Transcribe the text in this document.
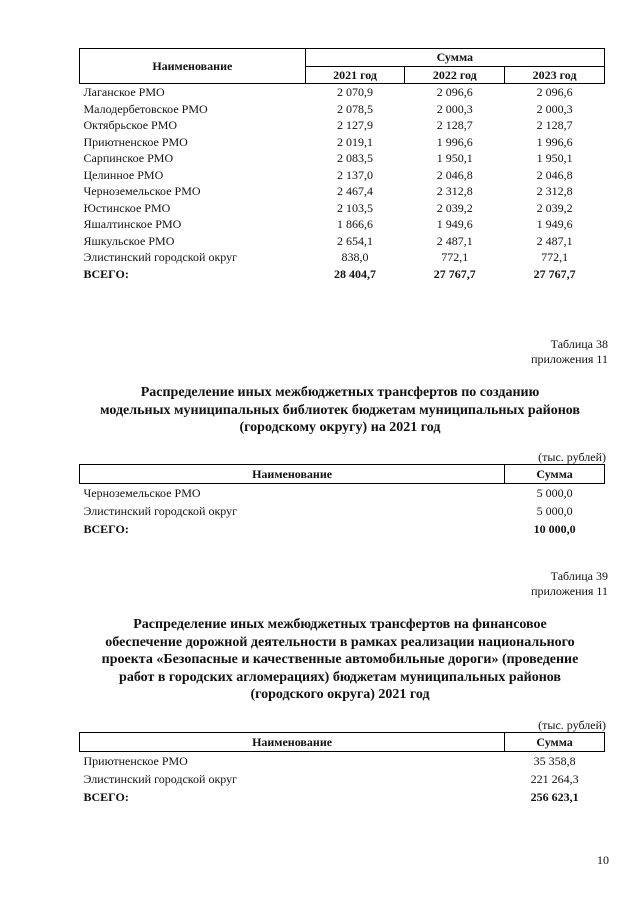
Наименование	Сумма		
	2021 год	2022 год	2023 год
Лаганское РМО	2 070,9	2 096,6	2 096,6
Малодербетовское РМО	2 078,5	2 000,3	2 000,3
Октябрьское РМО	2 127,9	2 128,7	2 128,7
Приютненское РМО	2 019,1	1 996,6	1 996,6
Сарпинское РМО	2 083,5	1 950,1	1 950,1
Целинное РМО	2 137,0	2 046,8	2 046,8
Черноземельское РМО	2 467,4	2 312,8	2 312,8
Юстинское РМО	2 103,5	2 039,2	2 039,2
Яшалтинское РМО	1 866,6	1 949,6	1 949,6
Яшкульское РМО	2 654,1	2 487,1	2 487,1
Элистинский городской округ	838,0	772,1	772,1
ВСЕГО:	28 404,7	27 767,7	27 767,7
Таблица 38
приложения 11
Распределение иных межбюджетных трансфертов по созданию
модельных муниципальных библиотек бюджетам муниципальных районов
(городскому округу) на 2021 год
(тыс. рублей)
Наименование	Сумма
Черноземельское РМО	5 000,0
Элистинский городской округ	5 000,0
ВСЕГО:	10 000,0
Таблица 39
приложения 11
Распределение иных межбюджетных трансфертов на финансовое
обеспечение дорожной деятельности в рамках реализации национального
проекта «Безопасные и качественные автомобильные дороги» (проведение
работ в городских агломерациях) бюджетам муниципальных районов
(городского округа) 2021 год
(тыс. рублей)
Наименование	Сумма
Приютненское РМО	35 358,8
Элистинский городской округ	221 264,3
ВСЕГО:	256 623,1
10
